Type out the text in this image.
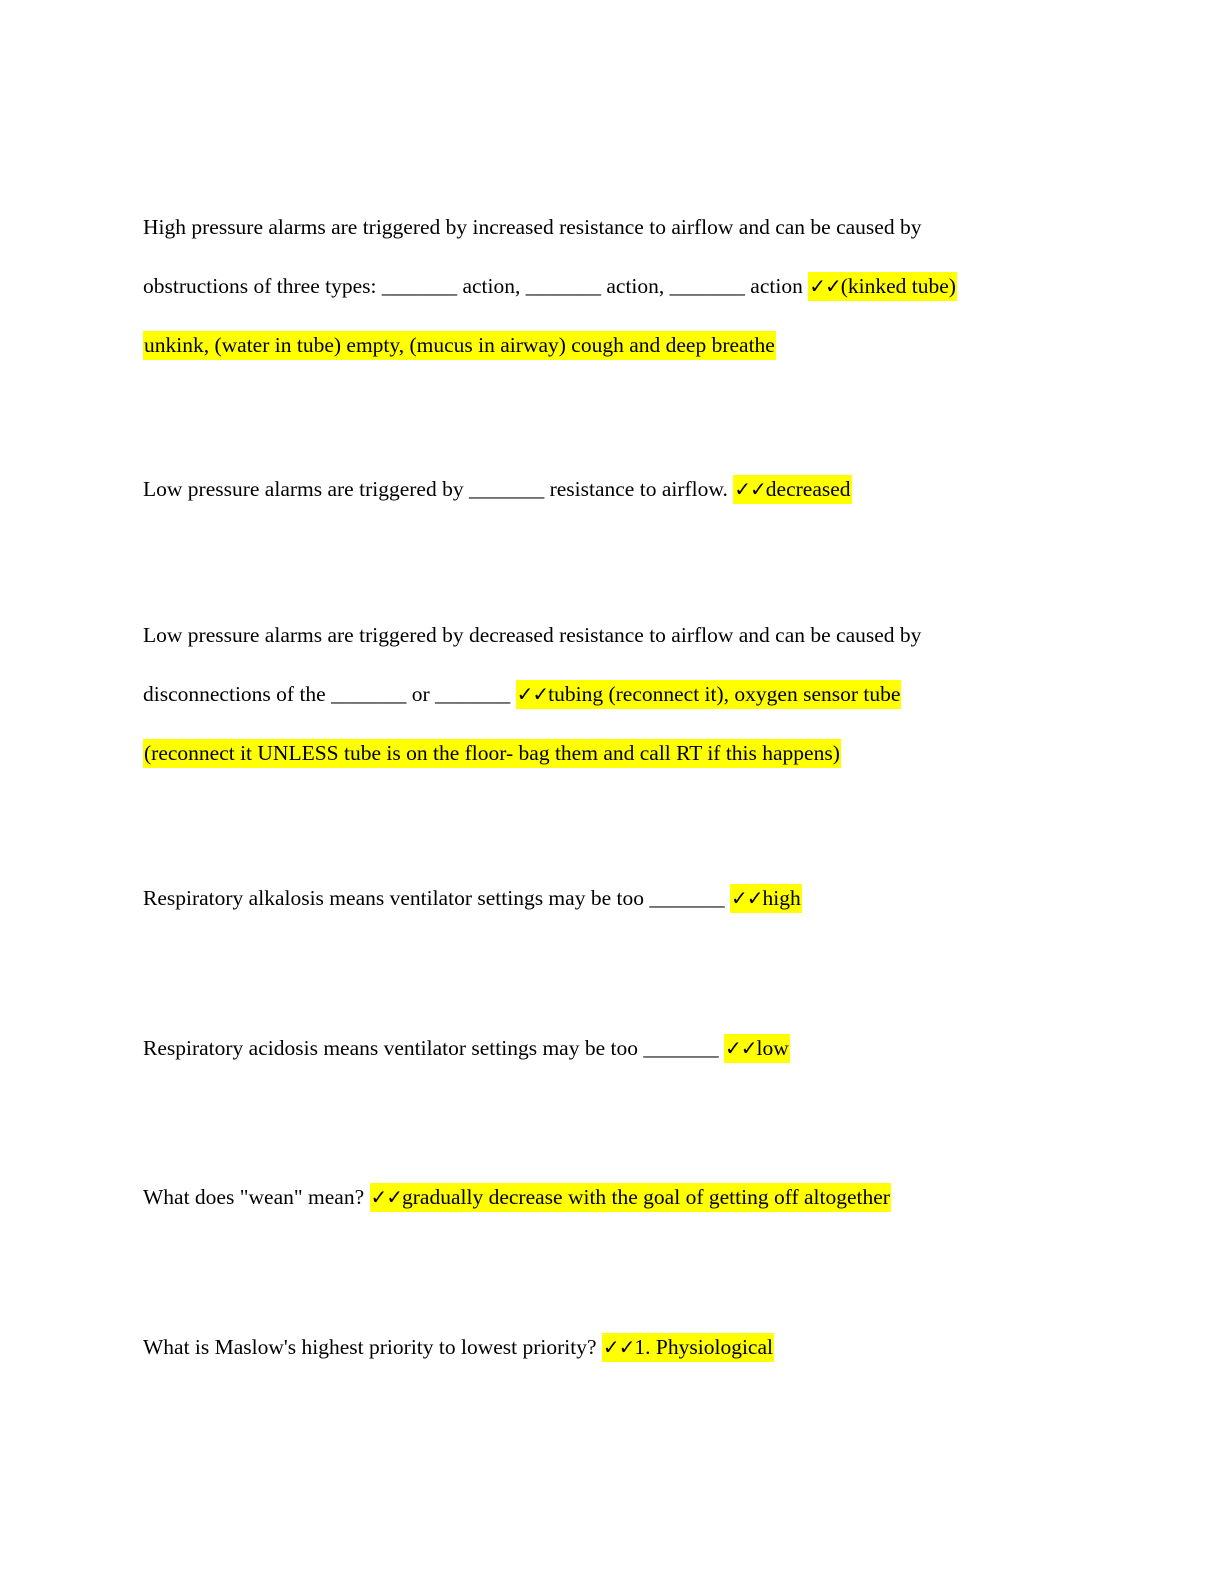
High pressure alarms are triggered by increased resistance to airflow and can be caused by
obstructions of three types: _______ action, _______ action, _______ action ✓✓(kinked tube)
unkink, (water in tube) empty, (mucus in airway) cough and deep breathe
Low pressure alarms are triggered by _______ resistance to airflow. ✓✓decreased
Low pressure alarms are triggered by decreased resistance to airflow and can be caused by
disconnections of the _______ or _______ ✓✓tubing (reconnect it), oxygen sensor tube
(reconnect it UNLESS tube is on the floor- bag them and call RT if this happens)
Respiratory alkalosis means ventilator settings may be too _______ ✓✓high
Respiratory acidosis means ventilator settings may be too _______ ✓✓low
What does "wean" mean? ✓✓gradually decrease with the goal of getting off altogether
What is Maslow's highest priority to lowest priority? ✓✓1. Physiological
